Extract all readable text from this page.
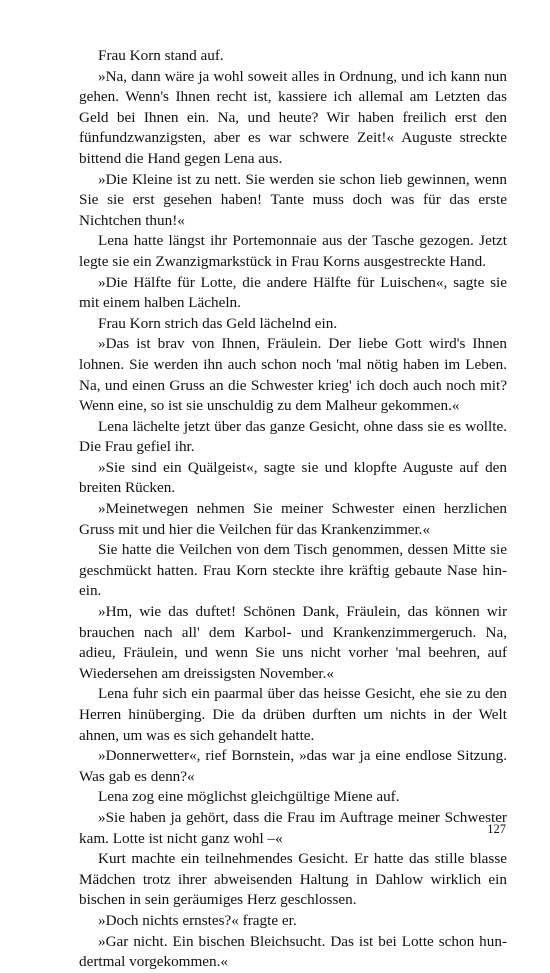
Frau Korn stand auf.

»Na, dann wäre ja wohl soweit alles in Ordnung, und ich kann nun gehen. Wenn's Ihnen recht ist, kassiere ich allemal am Letzten das Geld bei Ihnen ein. Na, und heute? Wir haben freilich erst den fünfundzwanzigsten, aber es war schwere Zeit!« Auguste streckte bittend die Hand gegen Lena aus.

»Die Kleine ist zu nett. Sie werden sie schon lieb gewinnen, wenn Sie sie erst gesehen haben! Tante muss doch was für das erste Nichtchen thun!«

Lena hatte längst ihr Portemonnaie aus der Tasche gezogen. Jetzt legte sie ein Zwanzigmarkstück in Frau Korns ausgestreckte Hand.

»Die Hälfte für Lotte, die andere Hälfte für Luischen«, sagte sie mit einem halben Lächeln.

Frau Korn strich das Geld lächelnd ein.

»Das ist brav von Ihnen, Fräulein. Der liebe Gott wird's Ihnen lohnen. Sie werden ihn auch schon noch 'mal nötig haben im Leben. Na, und einen Gruss an die Schwester krieg' ich doch auch noch mit? Wenn eine, so ist sie unschuldig zu dem Malheur gekommen.«

Lena lächelte jetzt über das ganze Gesicht, ohne dass sie es wollte. Die Frau gefiel ihr.

»Sie sind ein Quälgeist«, sagte sie und klopfte Auguste auf den breiten Rücken.

»Meinetwegen nehmen Sie meiner Schwester einen herzlichen Gruss mit und hier die Veilchen für das Krankenzimmer.«

Sie hatte die Veilchen von dem Tisch genommen, dessen Mitte sie geschmückt hatten. Frau Korn steckte ihre kräftig gebaute Nase hinein.

»Hm, wie das duftet! Schönen Dank, Fräulein, das können wir brauchen nach all' dem Karbol- und Krankenzimmergeruch. Na, adieu, Fräulein, und wenn Sie uns nicht vorher 'mal beehren, auf Wiedersehen am dreissigsten November.«

Lena fuhr sich ein paarmal über das heisse Gesicht, ehe sie zu den Herren hinüberging. Die da drüben durften um nichts in der Welt ahnen, um was es sich gehandelt hatte.

»Donnerwetter«, rief Bornstein, »das war ja eine endlose Sitzung. Was gab es denn?«

Lena zog eine möglichst gleichgültige Miene auf.

»Sie haben ja gehört, dass die Frau im Auftrage meiner Schwester kam. Lotte ist nicht ganz wohl –«

Kurt machte ein teilnehmendes Gesicht. Er hatte das stille blasse Mädchen trotz ihrer abweisenden Haltung in Dahlow wirklich ein bischen in sein geräumiges Herz geschlossen.

»Doch nichts ernstes?« fragte er.

»Gar nicht. Ein bischen Bleichsucht. Das ist bei Lotte schon hundertmal vorgekommen.«

127
